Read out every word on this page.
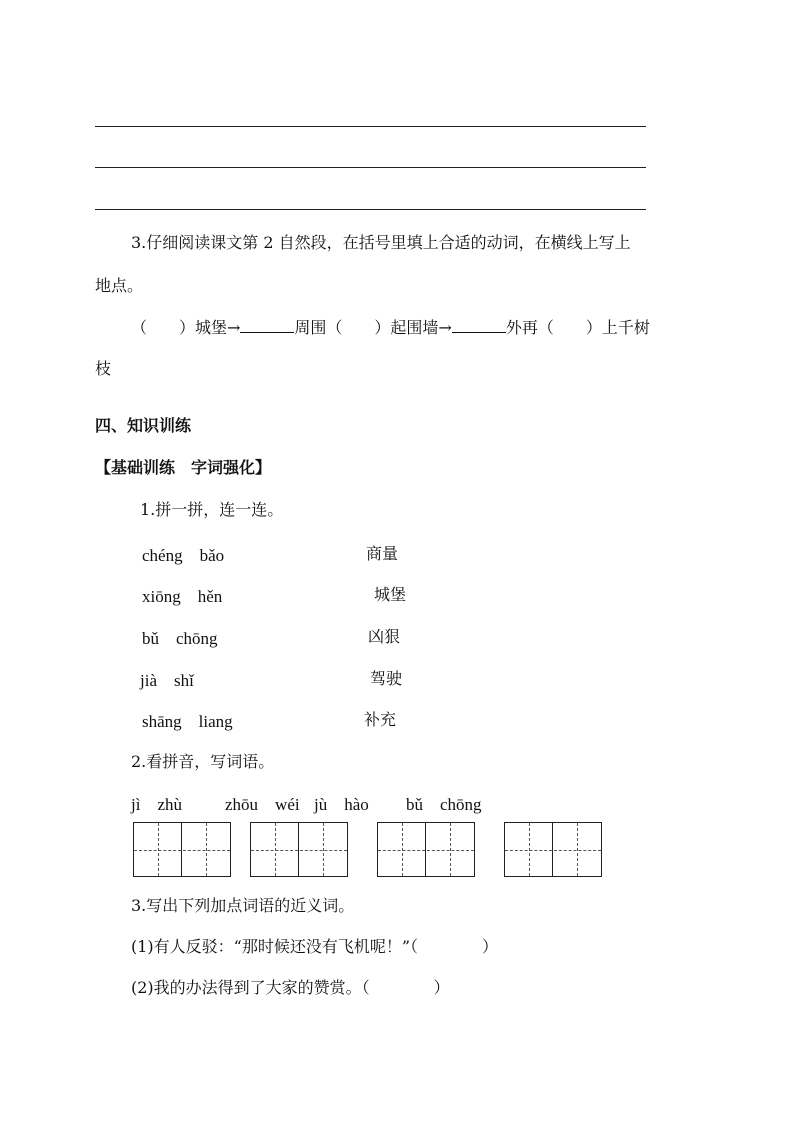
3.仔细阅读课文第 2 自然段，在括号里填上合适的动词，在横线上写上
地点。
（　　）城堡→	周围（　　）起围墙→	外再（　　）上千树
枝
四、知识训练
【基础训练　字词强化】
1.拼一拼，连一连。
chéng　bǎo
xiōng　hěn
bǔ　chōng
jià　shǐ
shāng　liang
商量
城堡
凶狠
驾驶
补充
2.看拼音，写词语。
jì　zhù	zhōu　wéi jù　hào bǔ　chōng
3.写出下列加点词语的近义词。
(1)有人反驳：“那时候还没有飞机呢！”（　　　　）
(2)我的办法得到了大家的赞赏。（　　　　）
